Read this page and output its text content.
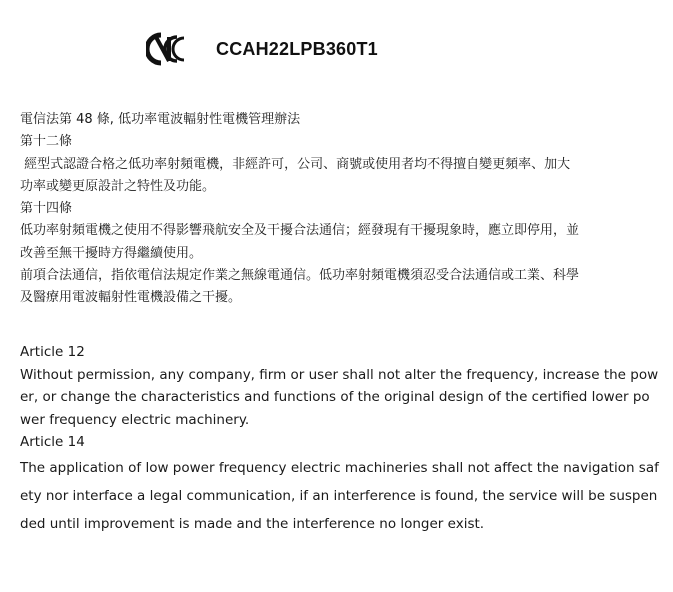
CCAH22LPB360T1

電信法第 48 條, 低功率電波輻射性電機管理辦法

第十二條

經型式認證合格之低功率射頻電機，非經許可，公司、商號或使用者均不得擅自變更頻率、加大

功率或變更原設計之特性及功能。

第十四條

低功率射頻電機之使用不得影響飛航安全及干擾合法通信；經發現有干擾現象時，應立即停用，並

改善至無干擾時方得繼續使用。

前項合法通信，指依電信法規定作業之無線電通信。低功率射頻電機須忍受合法通信或工業、科學

及醫療用電波輻射性電機設備之干擾。

Article 12

Without permission, any company, firm or user shall not alter the frequency, increase the pow

er, or change the characteristics and functions of the original design of the certified lower po

wer frequency electric machinery.

Article 14

The application of low power frequency electric machineries shall not affect the navigation saf

ety nor interface a legal communication, if an interference is found, the service will be suspen

ded until improvement is made and the interference no longer exist.
